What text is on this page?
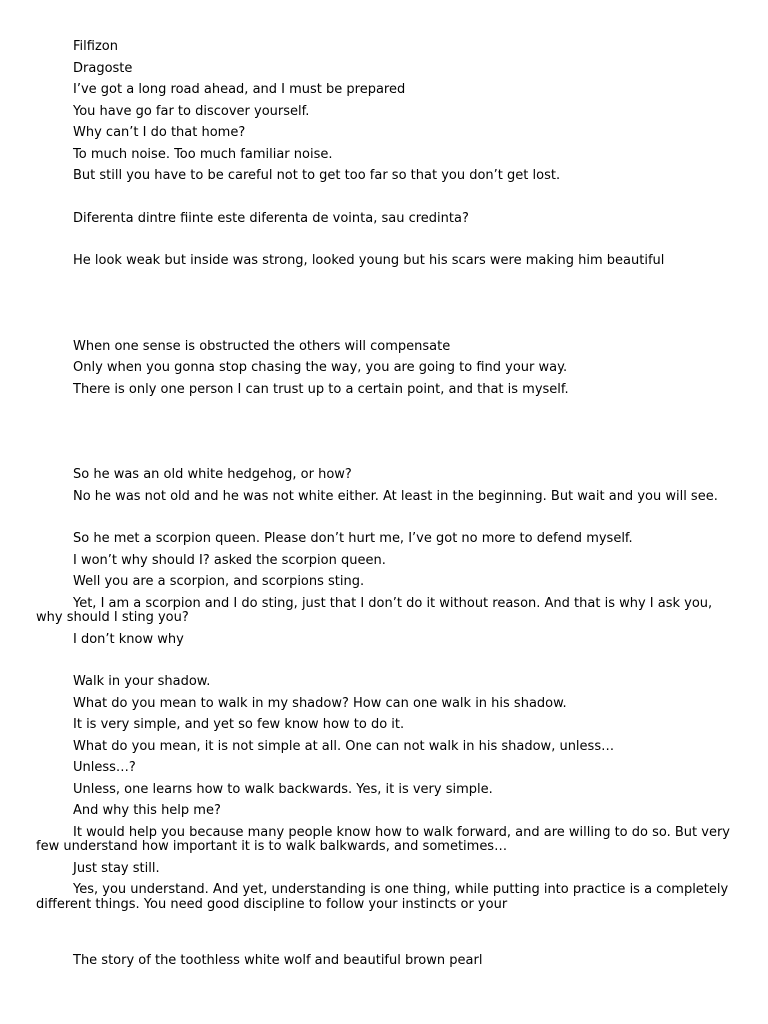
Filfizon

Dragoste

I’ve got a long road ahead, and I must be prepared

You have go far to discover yourself.

Why can’t I do that home?

To much noise. Too much familiar noise.

But still you have to be careful not to get too far so that you don’t get lost.

Diferenta dintre fiinte este diferenta de vointa, sau credinta?

He look weak but inside was strong, looked young but his scars were making him beautiful

When one sense is obstructed the others will compensate

Only when you gonna stop chasing the way, you are going to find your way.

There is only one person I can trust up to a certain point, and that is myself.

So he was an old white hedgehog, or how?

No he was not old and he was not white either. At least in the beginning. But wait and you will see.

So he met a scorpion queen. Please don’t hurt me, I’ve got no more to defend myself.

I won’t why should I? asked the scorpion queen.

Well you are a scorpion, and scorpions sting.

Yet, I am a scorpion and I do sting, just that I don’t do it without reason. And that is why I ask you, why should I sting you?

I don’t know why

Walk in your shadow.

What do you mean to walk in my shadow? How can one walk in his shadow.

It is very simple, and yet so few know how to do it.

What do you mean, it is not simple at all. One can not walk in his shadow, unless…

Unless…?

Unless, one learns how to walk backwards. Yes, it is very simple.

And why this help me?

It would help you because many people know how to walk forward, and are willing to do so. But very few understand how important it is to walk balkwards, and sometimes…

Just stay still.

Yes, you understand. And yet, understanding is one thing, while putting into practice is a completely different things. You need good discipline to follow your instincts or your

The story of the toothless white wolf and beautiful brown pearl
